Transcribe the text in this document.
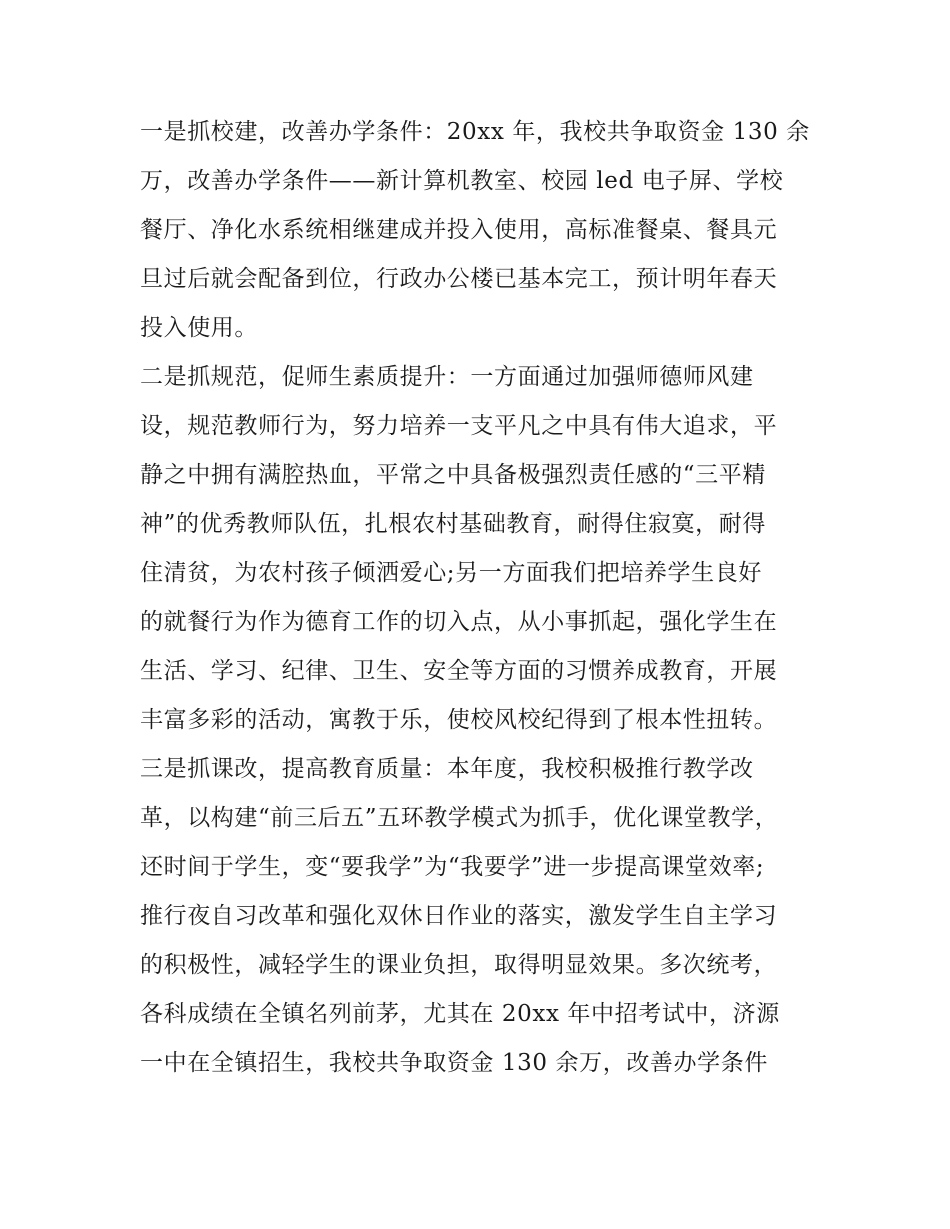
一是抓校建，改善办学条件：20xx 年，我校共争取资金 130 余
万，改善办学条件——新计算机教室、校园 led 电子屏、学校
餐厅、净化水系统相继建成并投入使用，高标准餐桌、餐具元
旦过后就会配备到位，行政办公楼已基本完工，预计明年春天
投入使用。
二是抓规范，促师生素质提升：一方面通过加强师德师风建
设，规范教师行为，努力培养一支平凡之中具有伟大追求，平
静之中拥有满腔热血，平常之中具备极强烈责任感的“三平精
神”的优秀教师队伍，扎根农村基础教育，耐得住寂寞，耐得
住清贫，为农村孩子倾洒爱心;另一方面我们把培养学生良好
的就餐行为作为德育工作的切入点，从小事抓起，强化学生在
生活、学习、纪律、卫生、安全等方面的习惯养成教育，开展
丰富多彩的活动，寓教于乐，使校风校纪得到了根本性扭转。
三是抓课改，提高教育质量：本年度，我校积极推行教学改
革，以构建“前三后五”五环教学模式为抓手，优化课堂教学，
还时间于学生，变“要我学”为“我要学”进一步提高课堂效率;
推行夜自习改革和强化双休日作业的落实，激发学生自主学习
的积极性，减轻学生的课业负担，取得明显效果。多次统考，
各科成绩在全镇名列前茅，尤其在 20xx 年中招考试中，济源
一中在全镇招生，我校共争取资金 130 余万，改善办学条件
